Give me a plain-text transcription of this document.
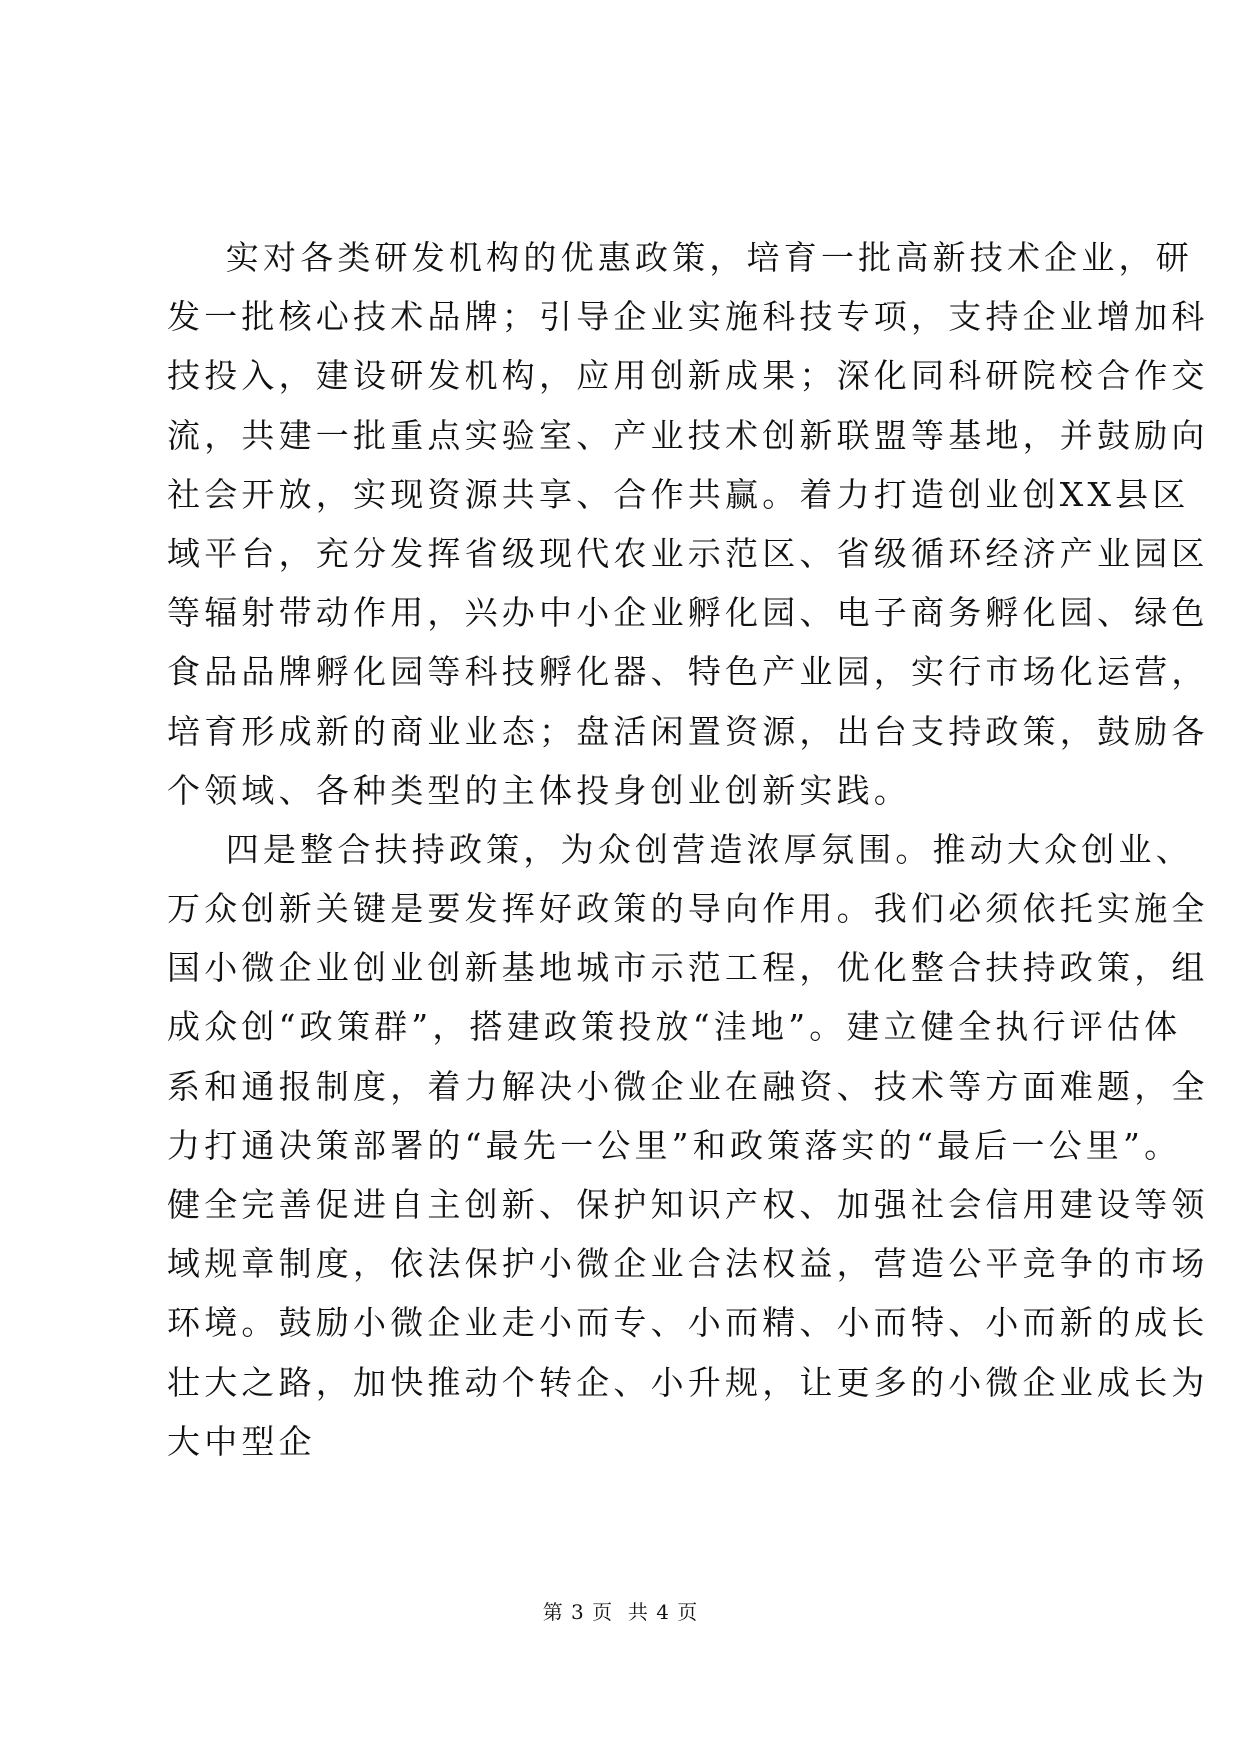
实对各类研发机构的优惠政策，培育一批高新技术企业，研
发一批核心技术品牌；引导企业实施科技专项，支持企业增加科
技投入，建设研发机构，应用创新成果；深化同科研院校合作交
流，共建一批重点实验室、产业技术创新联盟等基地，并鼓励向
社会开放，实现资源共享、合作共赢。着力打造创业创XX县区
域平台，充分发挥省级现代农业示范区、省级循环经济产业园区
等辐射带动作用，兴办中小企业孵化园、电子商务孵化园、绿色
食品品牌孵化园等科技孵化器、特色产业园，实行市场化运营，
培育形成新的商业业态；盘活闲置资源，出台支持政策，鼓励各
个领域、各种类型的主体投身创业创新实践。
四是整合扶持政策，为众创营造浓厚氛围。推动大众创业、
万众创新关键是要发挥好政策的导向作用。我们必须依托实施全
国小微企业创业创新基地城市示范工程，优化整合扶持政策，组
成众创“政策群”，搭建政策投放“洼地”。建立健全执行评估体
系和通报制度，着力解决小微企业在融资、技术等方面难题，全
力打通决策部署的“最先一公里”和政策落实的“最后一公里”。
健全完善促进自主创新、保护知识产权、加强社会信用建设等领
域规章制度，依法保护小微企业合法权益，营造公平竞争的市场
环境。鼓励小微企业走小而专、小而精、小而特、小而新的成长
壮大之路，加快推动个转企、小升规，让更多的小微企业成长为
大中型企
第 3 页  共 4 页
